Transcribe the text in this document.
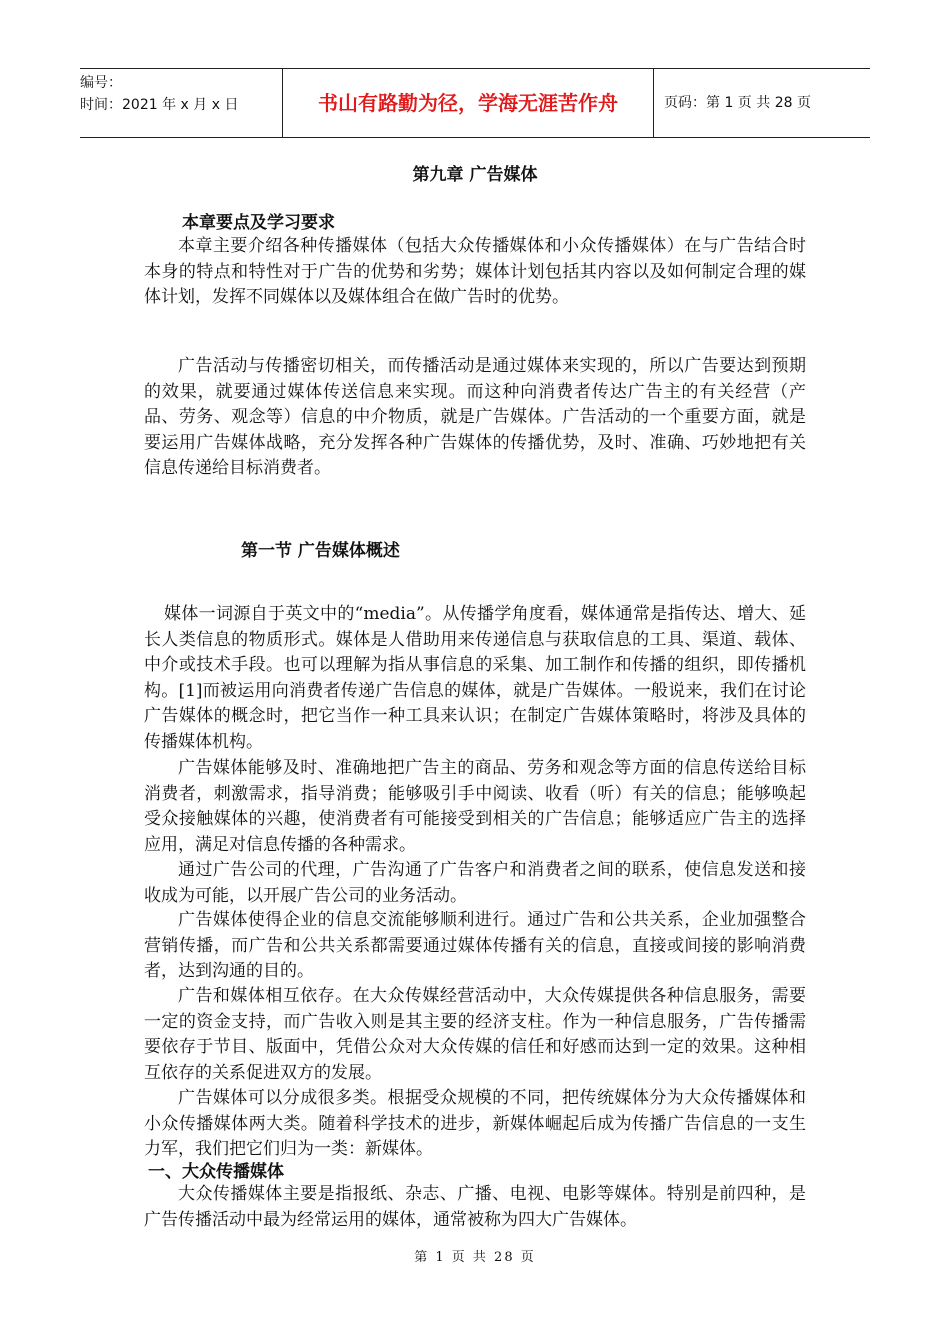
编号：
时间：2021 年 x 月 x 日	书山有路勤为径，学海无涯苦作舟	页码：第 1 页 共 28 页
第九章 广告媒体
本章要点及学习要求

本章主要介绍各种传播媒体（包括大众传播媒体和小众传播媒体）在与广告结合时本身的特点和特性对于广告的优势和劣势；媒体计划包括其内容以及如何制定合理的媒体计划，发挥不同媒体以及媒体组合在做广告时的优势。

广告活动与传播密切相关，而传播活动是通过媒体来实现的，所以广告要达到预期的效果，就要通过媒体传送信息来实现。而这种向消费者传达广告主的有关经营（产品、劳务、观念等）信息的中介物质，就是广告媒体。广告活动的一个重要方面，就是要运用广告媒体战略，充分发挥各种广告媒体的传播优势，及时、准确、巧妙地把有关信息传递给目标消费者。

第一节 广告媒体概述

媒体一词源自于英文中的“media”。从传播学角度看，媒体通常是指传达、增大、延长人类信息的物质形式。媒体是人借助用来传递信息与获取信息的工具、渠道、载体、中介或技术手段。也可以理解为指从事信息的采集、加工制作和传播的组织，即传播机构。[1]而被运用向消费者传递广告信息的媒体，就是广告媒体。一般说来，我们在讨论广告媒体的概念时，把它当作一种工具来认识；在制定广告媒体策略时，将涉及具体的传播媒体机构。

广告媒体能够及时、准确地把广告主的商品、劳务和观念等方面的信息传送给目标消费者，刺激需求，指导消费；能够吸引手中阅读、收看（听）有关的信息；能够唤起受众接触媒体的兴趣，使消费者有可能接受到相关的广告信息；能够适应广告主的选择应用，满足对信息传播的各种需求。

通过广告公司的代理，广告沟通了广告客户和消费者之间的联系，使信息发送和接收成为可能，以开展广告公司的业务活动。

广告媒体使得企业的信息交流能够顺利进行。通过广告和公共关系，企业加强整合营销传播，而广告和公共关系都需要通过媒体传播有关的信息，直接或间接的影响消费者，达到沟通的目的。

广告和媒体相互依存。在大众传媒经营活动中，大众传媒提供各种信息服务，需要一定的资金支持，而广告收入则是其主要的经济支柱。作为一种信息服务，广告传播需要依存于节目、版面中，凭借公众对大众传媒的信任和好感而达到一定的效果。这种相互依存的关系促进双方的发展。

广告媒体可以分成很多类。根据受众规模的不同，把传统媒体分为大众传播媒体和小众传播媒体两大类。随着科学技术的进步，新媒体崛起后成为传播广告信息的一支生力军，我们把它们归为一类：新媒体。

一、大众传播媒体

大众传播媒体主要是指报纸、杂志、广播、电视、电影等媒体。特别是前四种，是广告传播活动中最为经常运用的媒体，通常被称为四大广告媒体。

第 1 页 共 28 页
